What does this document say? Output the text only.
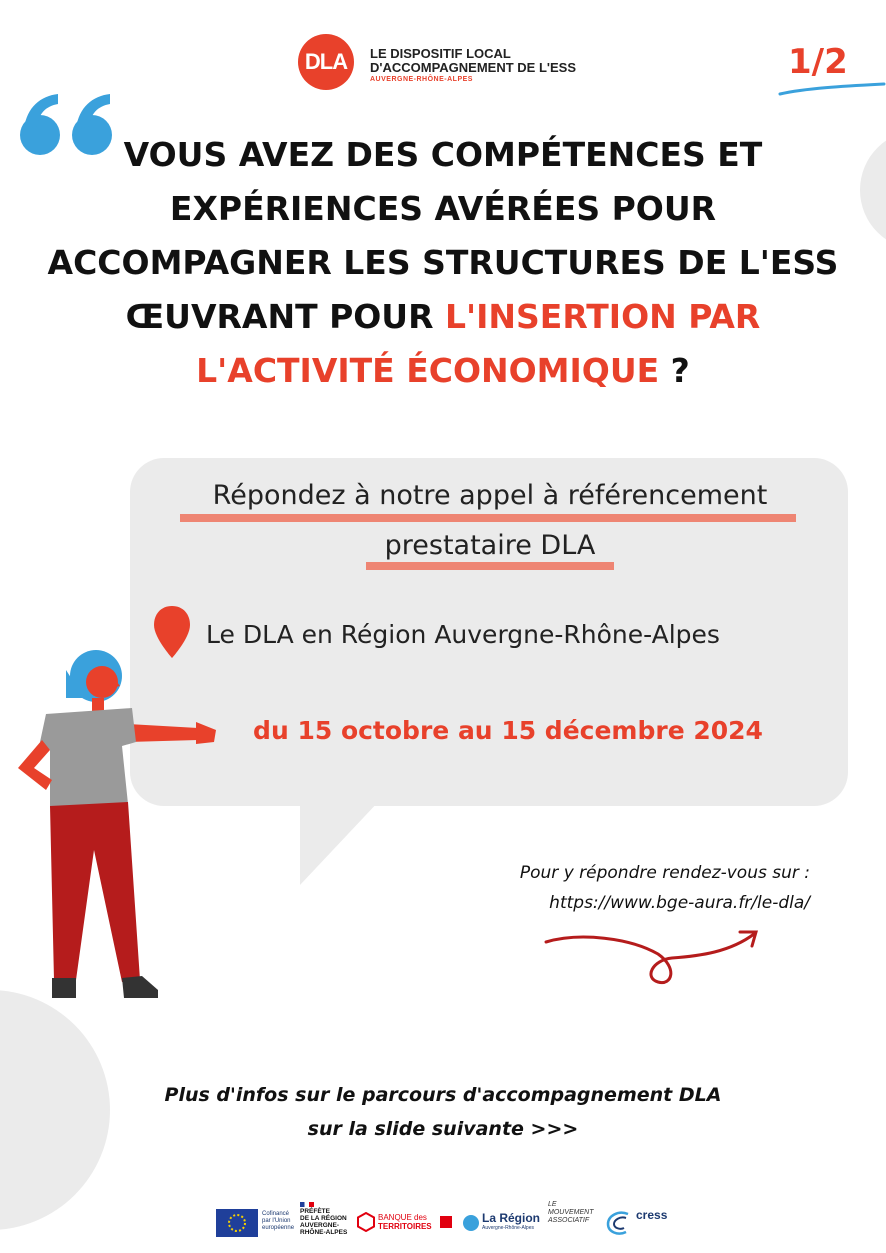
DLA	LE DISPOSITIF LOCAL
D'ACCOMPAGNEMENT DE L'ESS
AUVERGNE-RHÔNE-ALPES	1/2
VOUS AVEZ DES COMPÉTENCES ET
EXPÉRIENCES AVÉRÉES POUR
ACCOMPAGNER LES STRUCTURES DE L'ESS
ŒUVRANT POUR L'INSERTION PAR
L'ACTIVITÉ ÉCONOMIQUE ?
Répondez à notre appel à référencement
prestataire DLA
Le DLA en Région Auvergne-Rhône-Alpes
du 15 octobre au 15 décembre 2024
Pour y répondre rendez-vous sur :
https://www.bge-aura.fr/le-dla/
Plus d'infos sur le parcours d'accompagnement DLA
sur la slide suivante >>>
Cofinancé
par l'Union
européenne
PRÉFÈTE
DE LA RÉGION
AUVERGNE-
RHÔNE-ALPES
BANQUE des
TERRITOIRES
La Région
Auvergne-Rhône-Alpes
LE
MOUVEMENT
ASSOCIATIF	cress
